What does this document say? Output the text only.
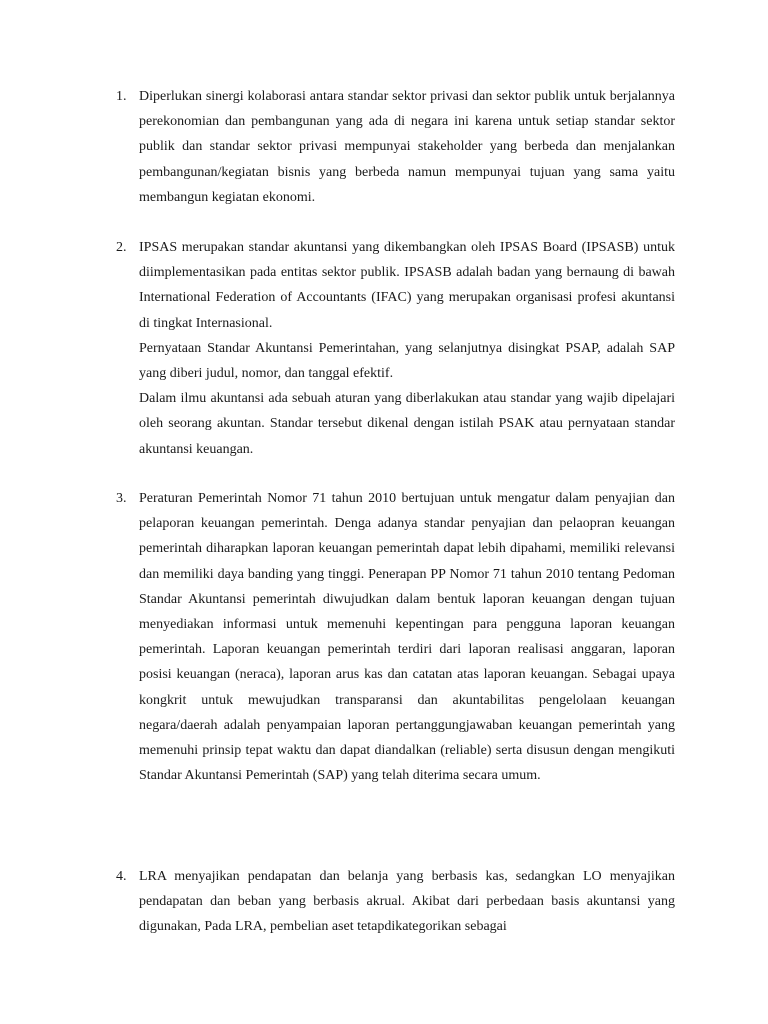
1. Diperlukan sinergi kolaborasi antara standar sektor privasi dan sektor publik untuk berjalannya perekonomian dan pembangunan yang ada di negara ini karena untuk setiap standar sektor publik dan standar sektor privasi mempunyai stakeholder yang berbeda dan menjalankan pembangunan/kegiatan bisnis yang berbeda namun mempunyai tujuan yang sama yaitu membangun kegiatan ekonomi.

2. IPSAS merupakan standar akuntansi yang dikembangkan oleh IPSAS Board (IPSASB) untuk diimplementasikan pada entitas sektor publik. IPSASB adalah badan yang bernaung di bawah International Federation of Accountants (IFAC) yang merupakan organisasi profesi akuntansi di tingkat Internasional.

Pernyataan Standar Akuntansi Pemerintahan, yang selanjutnya disingkat PSAP, adalah SAP yang diberi judul, nomor, dan tanggal efektif.

Dalam ilmu akuntansi ada sebuah aturan yang diberlakukan atau standar yang wajib dipelajari oleh seorang akuntan. Standar tersebut dikenal dengan istilah PSAK atau pernyataan standar akuntansi keuangan.

3. Peraturan Pemerintah Nomor 71 tahun 2010 bertujuan untuk mengatur dalam penyajian dan pelaporan keuangan pemerintah. Denga adanya standar penyajian dan pelaopran keuangan pemerintah diharapkan laporan keuangan pemerintah dapat lebih dipahami, memiliki relevansi dan memiliki daya banding yang tinggi. Penerapan PP Nomor 71 tahun 2010 tentang Pedoman Standar Akuntansi pemerintah diwujudkan dalam bentuk laporan keuangan dengan tujuan menyediakan informasi untuk memenuhi kepentingan para pengguna laporan keuangan pemerintah. Laporan keuangan pemerintah terdiri dari laporan realisasi anggaran, laporan posisi keuangan (neraca), laporan arus kas dan catatan atas laporan keuangan. Sebagai upaya kongkrit untuk mewujudkan transparansi dan akuntabilitas pengelolaan keuangan negara/daerah adalah penyampaian laporan pertanggungjawaban keuangan pemerintah yang memenuhi prinsip tepat waktu dan dapat diandalkan (reliable) serta disusun dengan mengikuti Standar Akuntansi Pemerintah (SAP) yang telah diterima secara umum.

4. LRA menyajikan pendapatan dan belanja yang berbasis kas, sedangkan LO menyajikan pendapatan dan beban yang berbasis akrual. Akibat dari perbedaan basis akuntansi yang digunakan, Pada LRA, pembelian aset tetapdikategorikan sebagai
